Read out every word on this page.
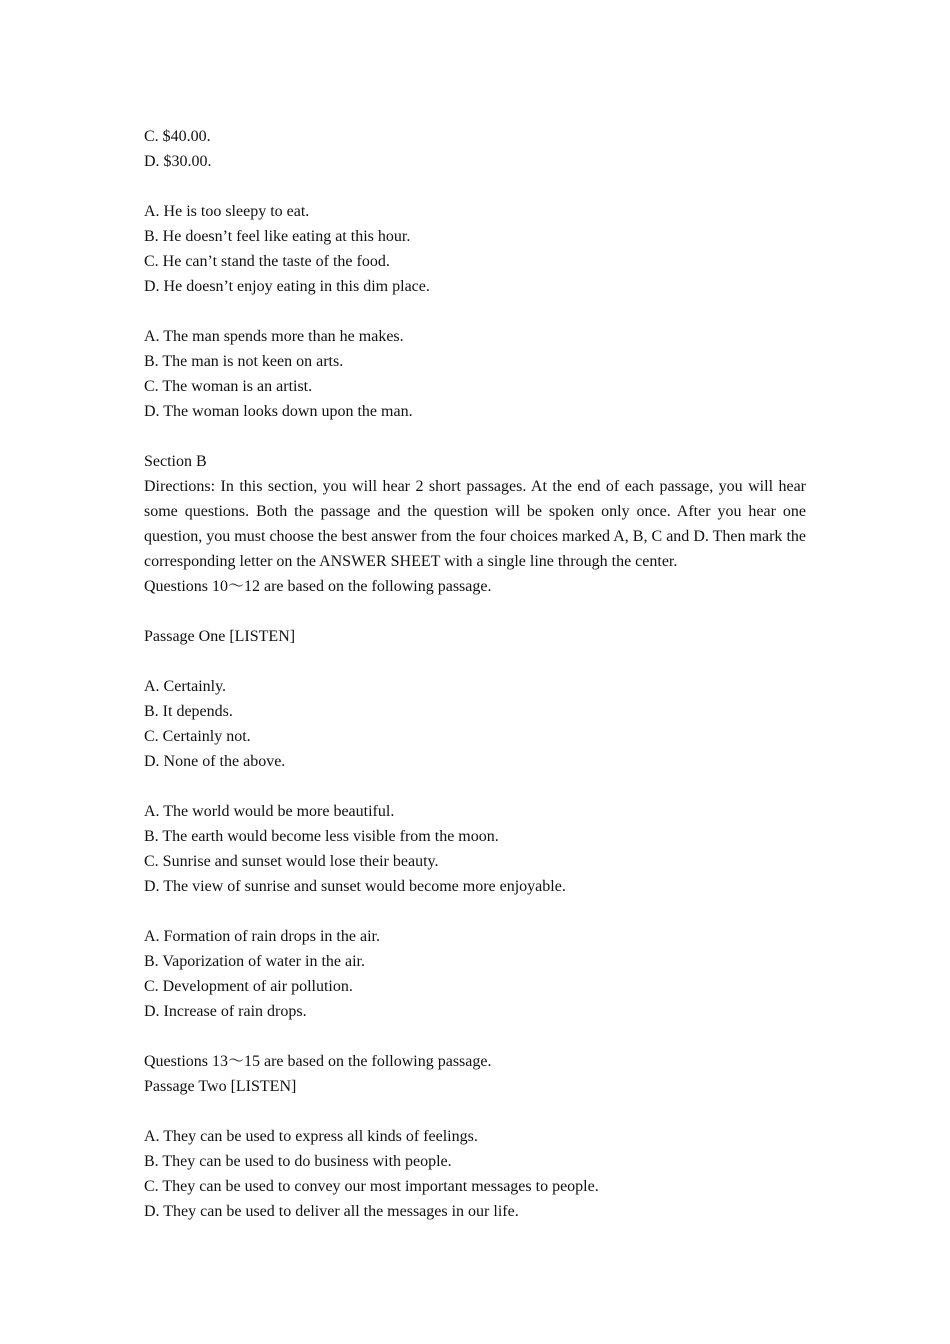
C. $40.00.
D. $30.00.
A. He is too sleepy to eat.
B. He doesn’t feel like eating at this hour.
C. He can’t stand the taste of the food.
D. He doesn’t enjoy eating in this dim place.
A. The man spends more than he makes.
B. The man is not keen on arts.
C. The woman is an artist.
D. The woman looks down upon the man.
Section B
Directions: In this section, you will hear 2 short passages. At the end of each passage, you will hear some questions. Both the passage and the question will be spoken only once. After you hear one question, you must choose the best answer from the four choices marked A, B, C and D. Then mark the corresponding letter on the ANSWER SHEET with a single line through the center.
Questions 10～12 are based on the following passage.
Passage One [LISTEN]
A. Certainly.
B. It depends.
C. Certainly not.
D. None of the above.
A. The world would be more beautiful.
B. The earth would become less visible from the moon.
C. Sunrise and sunset would lose their beauty.
D. The view of sunrise and sunset would become more enjoyable.
A. Formation of rain drops in the air.
B. Vaporization of water in the air.
C. Development of air pollution.
D. Increase of rain drops.
Questions 13～15 are based on the following passage.
Passage Two [LISTEN]
A. They can be used to express all kinds of feelings.
B. They can be used to do business with people.
C. They can be used to convey our most important messages to people.
D. They can be used to deliver all the messages in our life.
